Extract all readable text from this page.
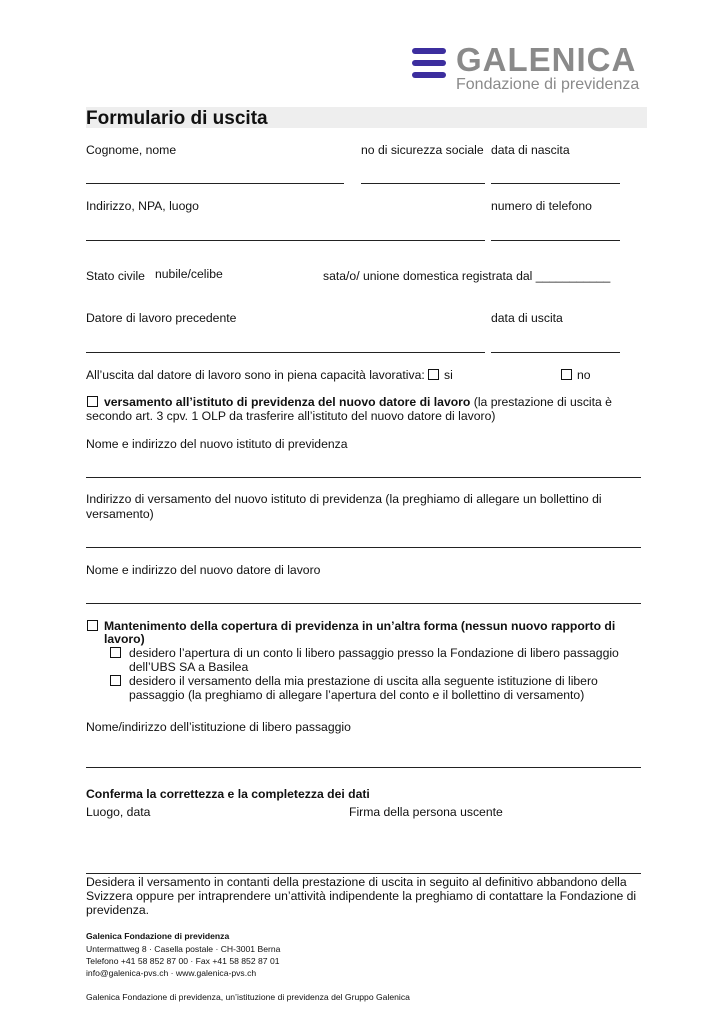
GALENICA
Fondazione di previdenza
Formulario di uscita
Cognome, nome	no di sicurezza sociale data di nascita
Indirizzo, NPA, luogo	numero di telefono
Stato civile nubile/celibe	sata/o/ unione domestica registrata dal ___________
Datore di lavoro precedente	data di uscita
All’uscita dal datore di lavoro sono in piena capacità lavorativa: si	no
versamento all’istituto di previdenza del nuovo datore di lavoro (la prestazione di uscita è
secondo art. 3 cpv. 1 OLP da trasferire all’istituto del nuovo datore di lavoro)
Nome e indirizzo del nuovo istituto di previdenza
Indirizzo di versamento del nuovo istituto di previdenza (la preghiamo di allegare un bollettino di
versamento)
Nome e indirizzo del nuovo datore di lavoro
Mantenimento della copertura di previdenza in un’altra forma (nessun nuovo rapporto di
lavoro)
desidero l’apertura di un conto li libero passaggio presso la Fondazione di libero passaggio
dell’UBS SA a Basilea
desidero il versamento della mia prestazione di uscita alla seguente istituzione di libero
passaggio (la preghiamo di allegare l’apertura del conto e il bollettino di versamento)
Nome/indirizzo dell’istituzione di libero passaggio
Conferma la correttezza e la completezza dei dati
Luogo, data	Firma della persona uscente
Desidera il versamento in contanti della prestazione di uscita in seguito al definitivo abbandono della
Svizzera oppure per intraprendere un’attività indipendente la preghiamo di contattare la Fondazione di
previdenza.
Galenica Fondazione di previdenza
Untermattweg 8 · Casella postale · CH-3001 Berna
Telefono +41 58 852 87 00 · Fax +41 58 852 87 01
info@galenica-pvs.ch · www.galenica-pvs.ch
Galenica Fondazione di previdenza, un’istituzione di previdenza del Gruppo Galenica
